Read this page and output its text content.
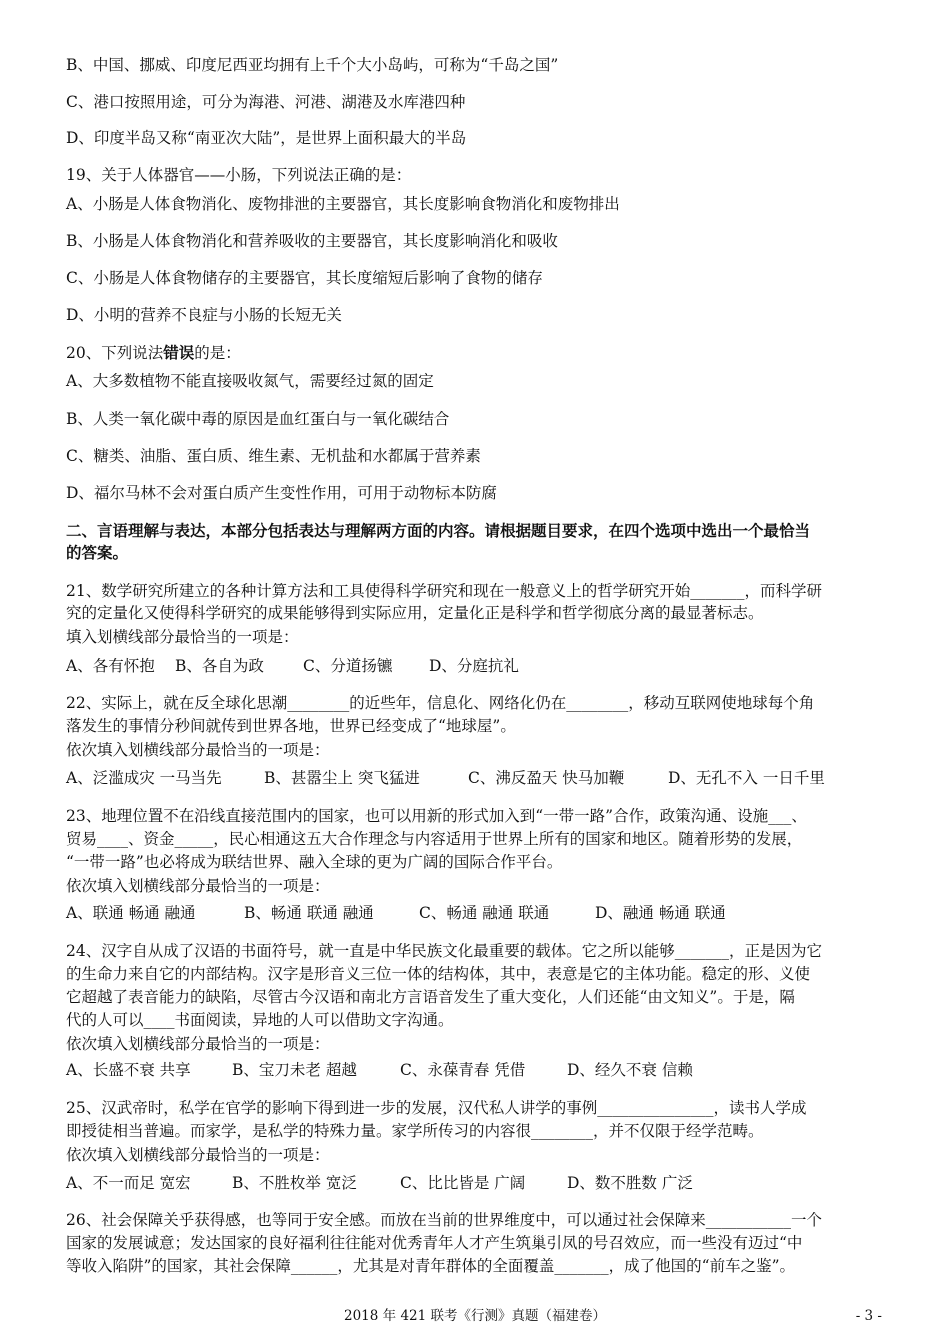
B、中国、挪威、印度尼西亚均拥有上千个大小岛屿，可称为“千岛之国”
C、港口按照用途，可分为海港、河港、湖港及水库港四种
D、印度半岛又称“南亚次大陆”，是世界上面积最大的半岛
19、关于人体器官——小肠，下列说法正确的是：
A、小肠是人体食物消化、废物排泄的主要器官，其长度影响食物消化和废物排出
B、小肠是人体食物消化和营养吸收的主要器官，其长度影响消化和吸收
C、小肠是人体食物储存的主要器官，其长度缩短后影响了食物的储存
D、小明的营养不良症与小肠的长短无关
20、下列说法错误的是：
A、大多数植物不能直接吸收氮气，需要经过氮的固定
B、人类一氧化碳中毒的原因是血红蛋白与一氧化碳结合
C、糖类、油脂、蛋白质、维生素、无机盐和水都属于营养素
D、福尔马林不会对蛋白质产生变性作用，可用于动物标本防腐
二、言语理解与表达，本部分包括表达与理解两方面的内容。请根据题目要求，在四个选项中选出一个最恰当
的答案。
21、数学研究所建立的各种计算方法和工具使得科学研究和现在一般意义上的哲学研究开始_______，而科学研
究的定量化又使得科学研究的成果能够得到实际应用，定量化正是科学和哲学彻底分离的最显著标志。
填入划横线部分最恰当的一项是：
A、各有怀抱 B、各自为政	C、分道扬镳 D、分庭抗礼
22、实际上，就在反全球化思潮________的近些年，信息化、网络化仍在________，移动互联网使地球每个角
落发生的事情分秒间就传到世界各地，世界已经变成了“地球屋”。
依次填入划横线部分最恰当的一项是：
A、泛滥成灾 一马当先	B、甚嚣尘上 突飞猛进	C、沸反盈天 快马加鞭	D、无孔不入 一日千里
23、地理位置不在沿线直接范围内的国家，也可以用新的形式加入到“一带一路”合作，政策沟通、设施___、
贸易____、资金_____，民心相通这五大合作理念与内容适用于世界上所有的国家和地区。随着形势的发展，
“一带一路”也必将成为联结世界、融入全球的更为广阔的国际合作平台。
依次填入划横线部分最恰当的一项是：
A、联通 畅通 融通	B、畅通 联通 融通	C、畅通 融通 联通	D、融通 畅通 联通
24、汉字自从成了汉语的书面符号，就一直是中华民族文化最重要的载体。它之所以能够_______，正是因为它
的生命力来自它的内部结构。汉字是形音义三位一体的结构体，其中，表意是它的主体功能。稳定的形、义使
它超越了表音能力的缺陷，尽管古今汉语和南北方言语音发生了重大变化，人们还能“由文知义”。于是，隔
代的人可以____书面阅读，异地的人可以借助文字沟通。
依次填入划横线部分最恰当的一项是：
A、长盛不衰 共享	B、宝刀未老 超越	C、永葆青春 凭借	D、经久不衰 信赖
25、汉武帝时，私学在官学的影响下得到进一步的发展，汉代私人讲学的事例_______________，读书人学成
即授徒相当普遍。而家学，是私学的特殊力量。家学所传习的内容很________，并不仅限于经学范畴。
依次填入划横线部分最恰当的一项是：
A、不一而足 宽宏	B、不胜枚举 宽泛	C、比比皆是 广阔	D、数不胜数 广泛
26、社会保障关乎获得感，也等同于安全感。而放在当前的世界维度中，可以通过社会保障来___________一个
国家的发展诚意；发达国家的良好福利往往能对优秀青年人才产生筑巢引凤的号召效应，而一些没有迈过“中
等收入陷阱”的国家，其社会保障______，尤其是对青年群体的全面覆盖_______，成了他国的“前车之鉴”。
2018 年 421 联考《行测》真题（福建卷）	- 3 -
